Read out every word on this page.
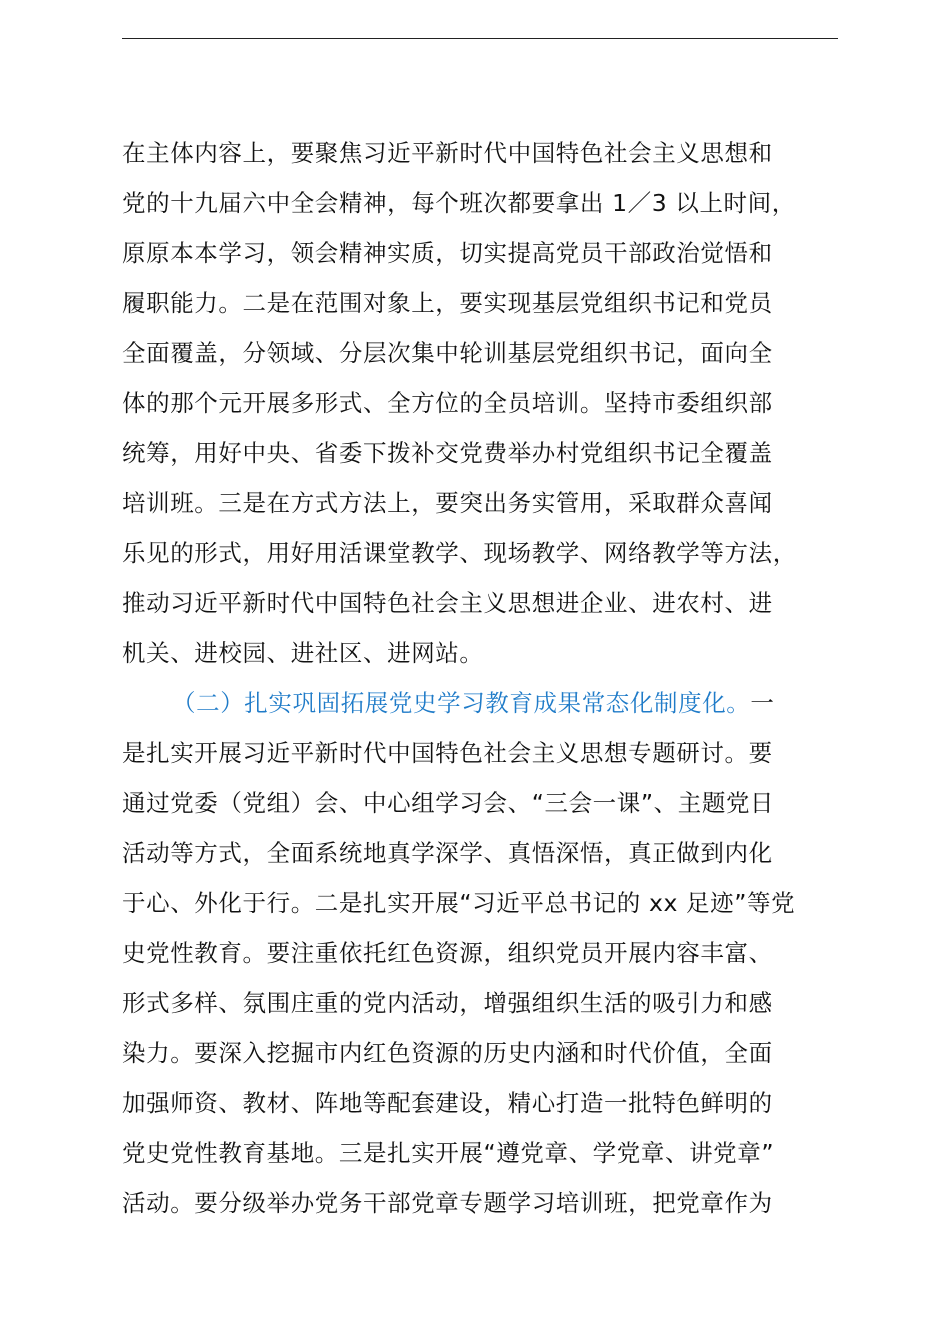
在主体内容上，要聚焦习近平新时代中国特色社会主义思想和
党的十九届六中全会精神，每个班次都要拿出 1／3 以上时间，
原原本本学习，领会精神实质，切实提高党员干部政治觉悟和
履职能力。二是在范围对象上，要实现基层党组织书记和党员
全面覆盖，分领域、分层次集中轮训基层党组织书记，面向全
体的那个元开展多形式、全方位的全员培训。坚持市委组织部
统筹，用好中央、省委下拨补交党费举办村党组织书记全覆盖
培训班。三是在方式方法上，要突出务实管用，采取群众喜闻
乐见的形式，用好用活课堂教学、现场教学、网络教学等方法，
推动习近平新时代中国特色社会主义思想进企业、进农村、进
机关、进校园、进社区、进网站。
（二）扎实巩固拓展党史学习教育成果常态化制度化。一
是扎实开展习近平新时代中国特色社会主义思想专题研讨。要
通过党委（党组）会、中心组学习会、“三会一课”、主题党日
活动等方式，全面系统地真学深学、真悟深悟，真正做到内化
于心、外化于行。二是扎实开展“习近平总书记的 xx 足迹”等党
史党性教育。要注重依托红色资源，组织党员开展内容丰富、
形式多样、氛围庄重的党内活动，增强组织生活的吸引力和感
染力。要深入挖掘市内红色资源的历史内涵和时代价值，全面
加强师资、教材、阵地等配套建设，精心打造一批特色鲜明的
党史党性教育基地。三是扎实开展“遵党章、学党章、讲党章”
活动。要分级举办党务干部党章专题学习培训班，把党章作为
